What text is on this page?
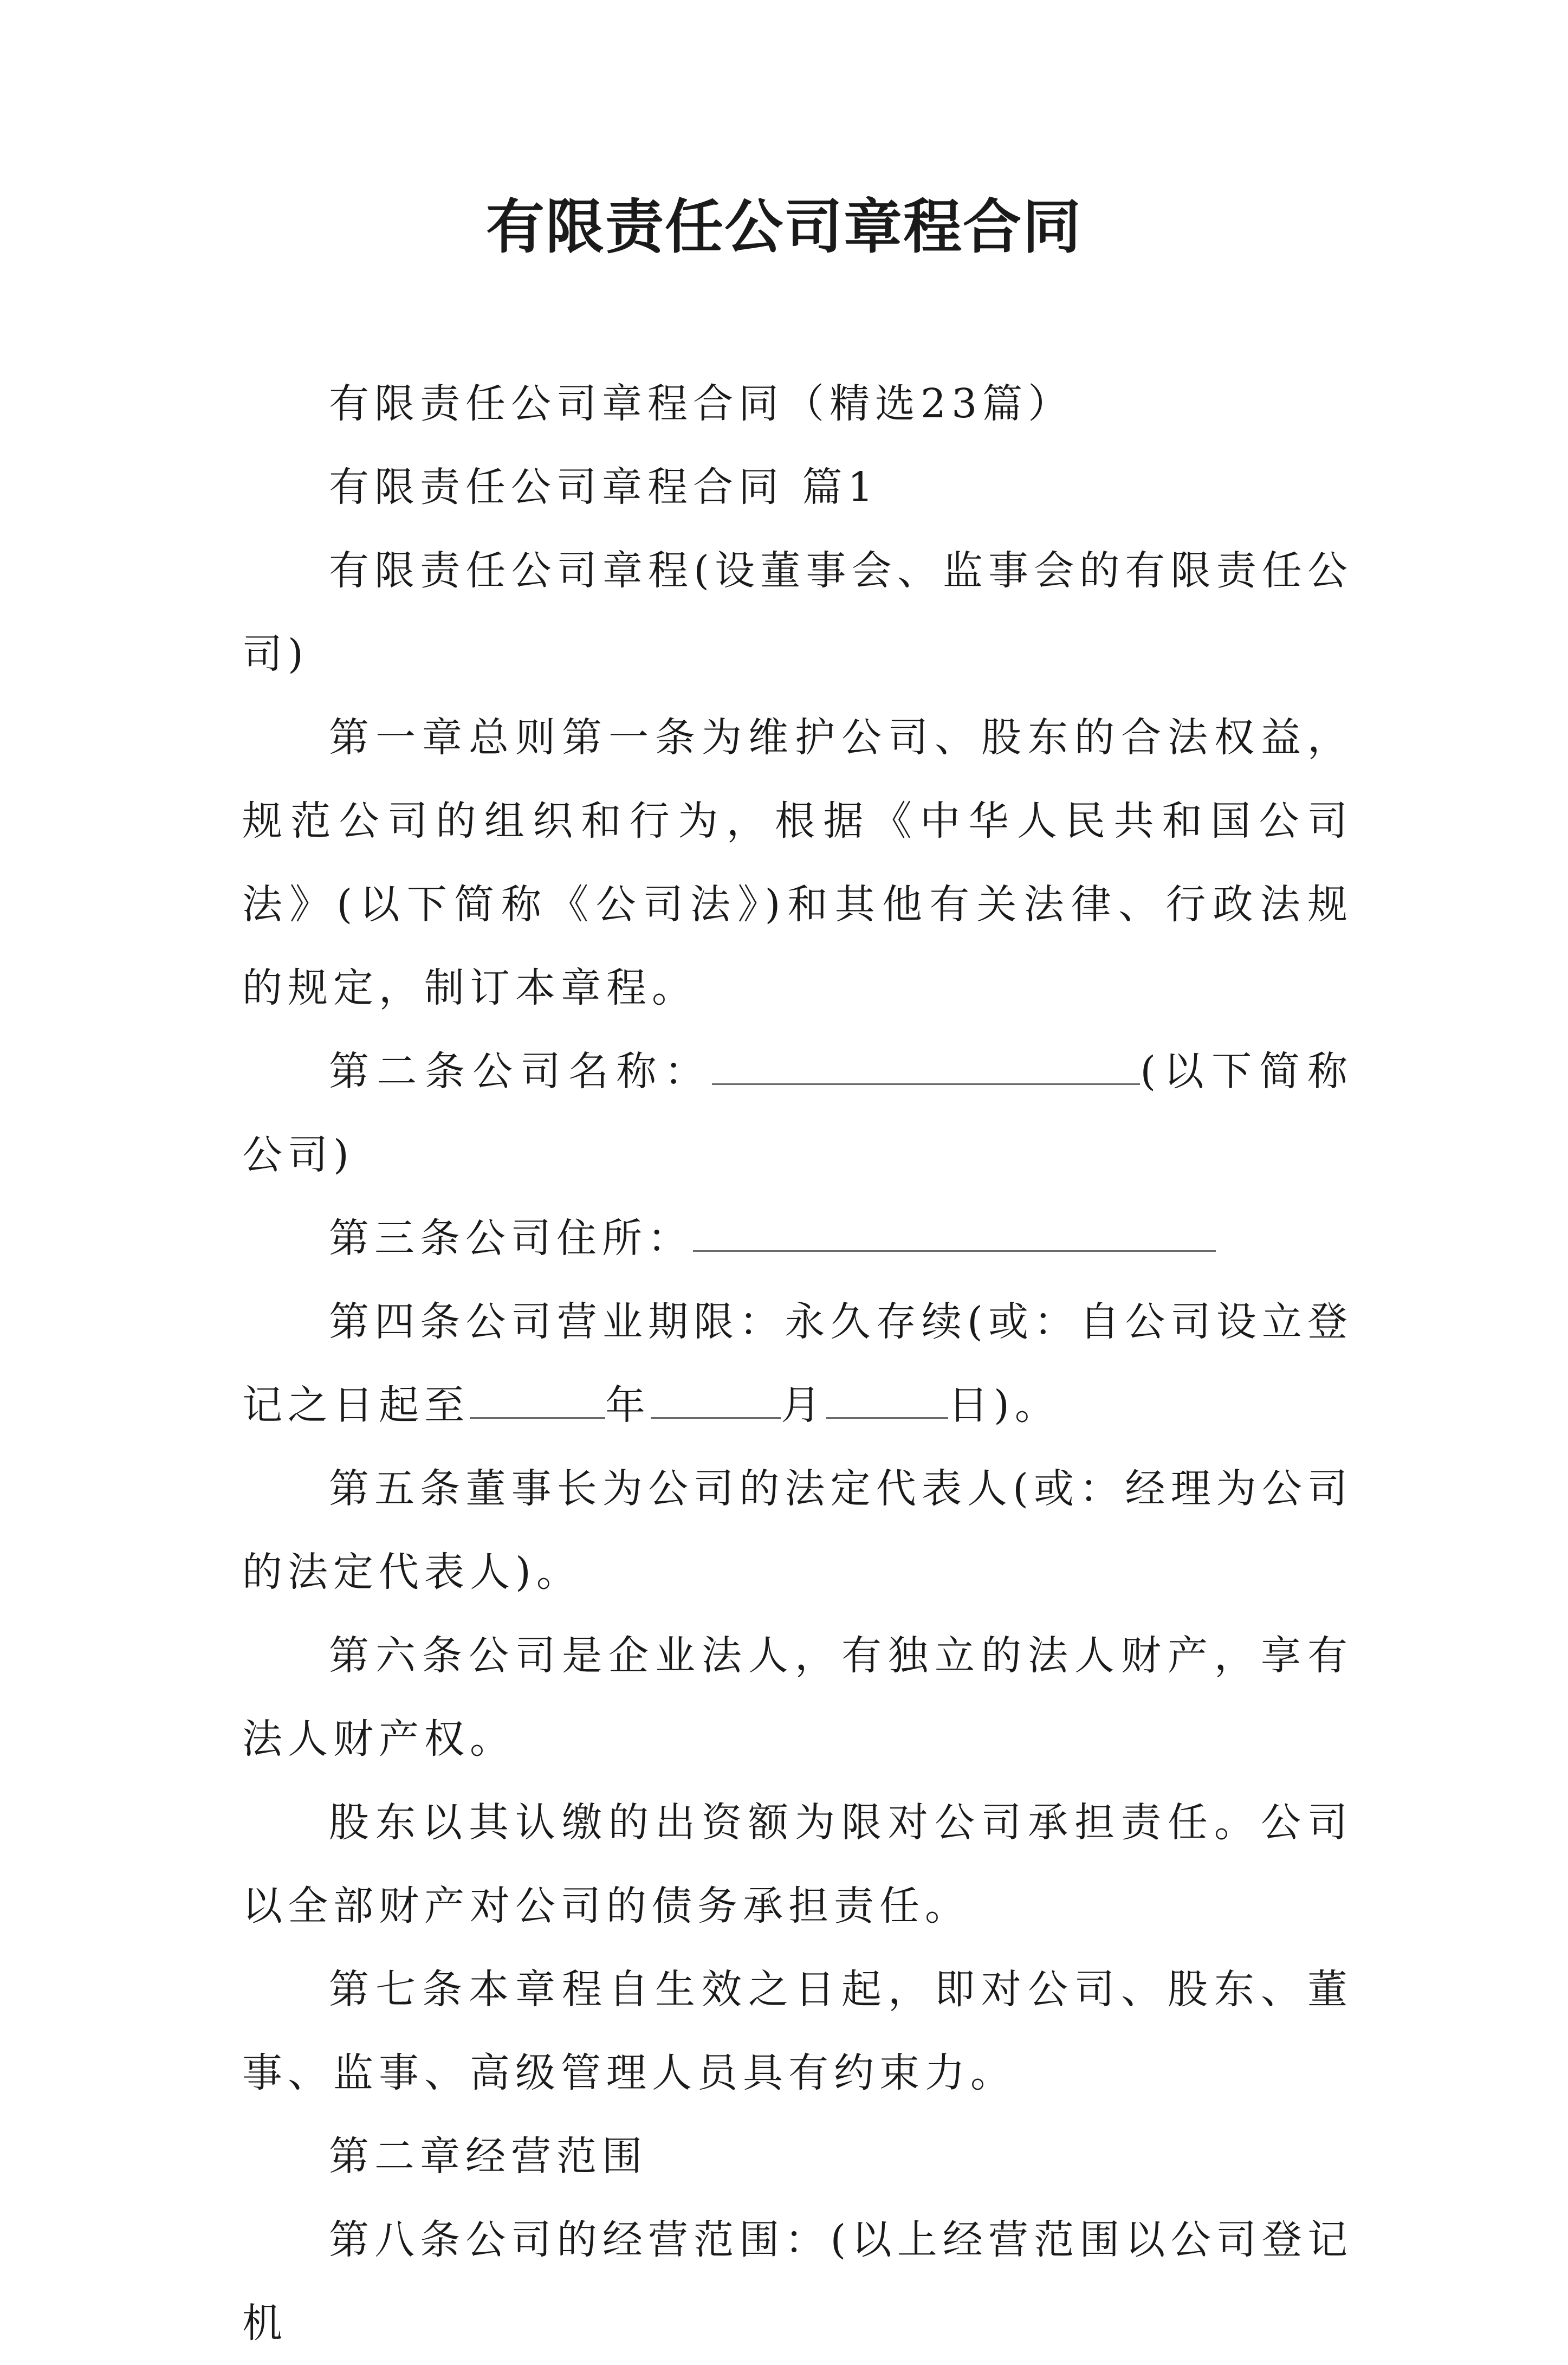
有限责任公司章程合同

有限责任公司章程合同（精选23篇）

有限责任公司章程合同 篇1

有限责任公司章程(设董事会、监事会的有限责任公司)

第一章总则第一条为维护公司、股东的合法权益，规范公司的组织和行为，根据《中华人民共和国公司法》(以下简称《公司法》)和其他有关法律、行政法规的规定，制订本章程。

第二条公司名称：	(以下简称公司)

第三条公司住所：

第四条公司营业期限：永久存续(或：自公司设立登记之日起至	年	月	日)。

第五条董事长为公司的法定代表人(或：经理为公司的法定代表人)。

第六条公司是企业法人，有独立的法人财产，享有法人财产权。

股东以其认缴的出资额为限对公司承担责任。公司以全部财产对公司的债务承担责任。

第七条本章程自生效之日起，即对公司、股东、董事、监事、高级管理人员具有约束力。

第二章经营范围

第八条公司的经营范围：(以上经营范围以公司登记机
